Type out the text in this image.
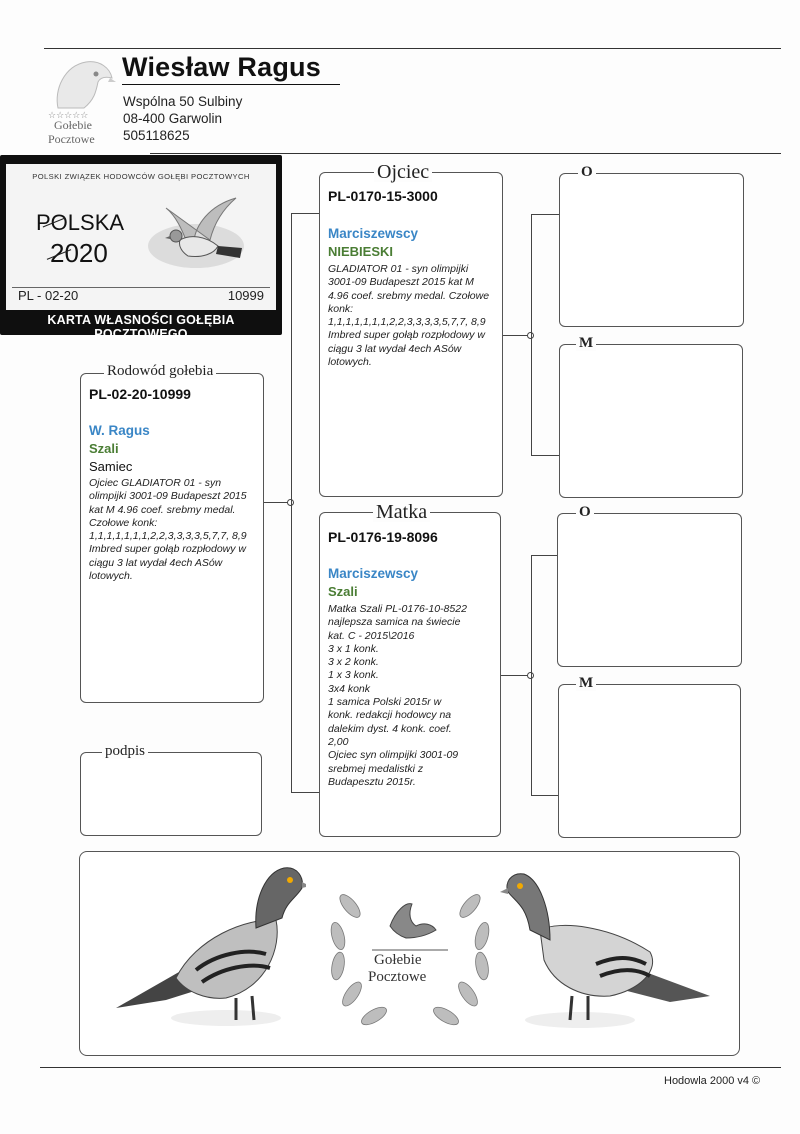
☆☆☆☆☆
Gołebie
Pocztowe
Wiesław Ragus
Wspólna 50 Sulbiny
08-400 Garwolin
505118625
POLSKI ZWIĄZEK HODOWCÓW GOŁĘBI POCZTOWYCH
POLSKA
2020
PL - 02-20	10999
KARTA WŁASNOŚCI GOŁĘBIA POCZTOWEGO
PL-02-20-10999
W. Ragus
Szali
Samiec
Ojciec GLADIATOR 01 - syn olimpijki 3001-09 Budapeszt 2015 kat M 4.96 coef. srebmy medal. Czołowe konk: 1,1,1,1,1,1,1,2,2,3,3,3,3,5,7,7, 8,9 Imbred super gołąb rozpłodowy w ciągu 3 lat wydał 4ech ASów lotowych.
Rodowód gołebia
podpis
PL-0170-15-3000
Marciszewscy
NIEBIESKI
GLADIATOR 01 - syn olimpijki 3001-09 Budapeszt 2015 kat M 4.96 coef. srebmy medal. Czołowe konk: 1,1,1,1,1,1,1,2,2,3,3,3,3,5,7,7, 8,9 Imbred super gołąb rozpłodowy w ciągu 3 lat wydał 4ech ASów lotowych.
Ojciec
PL-0176-19-8096
Marciszewscy
Szali
Matka Szali PL-0176-10-8522
najlepsza samica na świecie
kat. C - 2015\2016
3 x 1 konk.
3 x 2 konk.
1 x 3 konk.
3x4 konk
1 samica Polski 2015r w
konk. redakcji hodowcy na
dalekim dyst. 4 konk. coef.
2,00
Ojciec syn olimpijki 3001-09
srebmej medalistki z
Budapesztu 2015r.
Matka
O
M
O
M
Gołebie
Pocztowe
Hodowla 2000 v4 ©
